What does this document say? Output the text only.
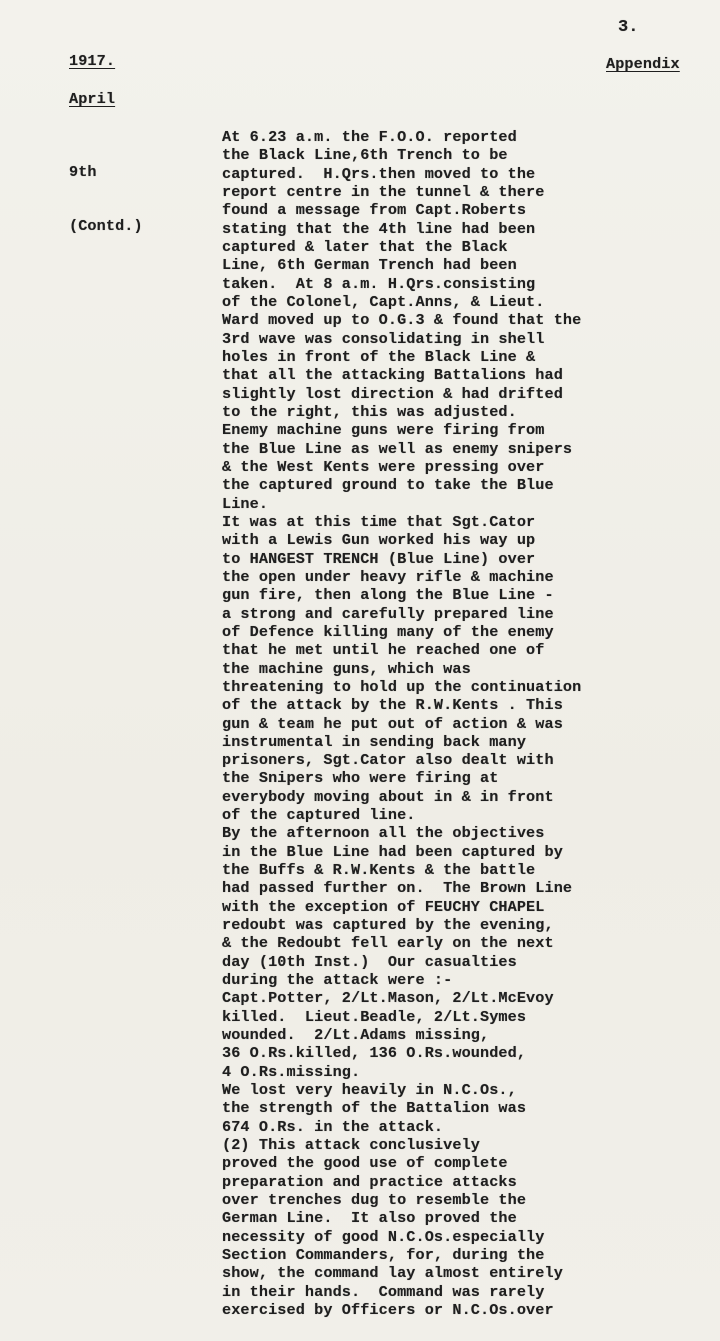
3.
1917.	Appendix
April

9th

(Contd.)

At 6.23 a.m. the F.O.O. reported
the Black Line,6th Trench to be
captured.  H.Qrs.then moved to the
report centre in the tunnel & there
found a message from Capt.Roberts
stating that the 4th line had been
captured & later that the Black
Line, 6th German Trench had been
taken.  At 8 a.m. H.Qrs.consisting
of the Colonel, Capt.Anns, & Lieut.
Ward moved up to O.G.3 & found that the
3rd wave was consolidating in shell
holes in front of the Black Line &
that all the attacking Battalions had
slightly lost direction & had drifted
to the right, this was adjusted.
Enemy machine guns were firing from
the Blue Line as well as enemy snipers
& the West Kents were pressing over
the captured ground to take the Blue
Line.
It was at this time that Sgt.Cator
with a Lewis Gun worked his way up
to HANGEST TRENCH (Blue Line) over
the open under heavy rifle & machine
gun fire, then along the Blue Line -
a strong and carefully prepared line
of Defence killing many of the enemy
that he met until he reached one of
the machine guns, which was
threatening to hold up the continuation
of the attack by the R.W.Kents . This
gun & team he put out of action & was
instrumental in sending back many
prisoners, Sgt.Cator also dealt with
the Snipers who were firing at
everybody moving about in & in front
of the captured line.
By the afternoon all the objectives
in the Blue Line had been captured by
the Buffs & R.W.Kents & the battle
had passed further on.  The Brown Line
with the exception of FEUCHY CHAPEL
redoubt was captured by the evening,
& the Redoubt fell early on the next
day (10th Inst.)  Our casualties
during the attack were :-
Capt.Potter, 2/Lt.Mason, 2/Lt.McEvoy
killed.  Lieut.Beadle, 2/Lt.Symes
wounded.  2/Lt.Adams missing,
36 O.Rs.killed, 136 O.Rs.wounded,
4 O.Rs.missing.
We lost very heavily in N.C.Os.,
the strength of the Battalion was
674 O.Rs. in the attack.
(2) This attack conclusively
proved the good use of complete
preparation and practice attacks
over trenches dug to resemble the
German Line.  It also proved the
necessity of good N.C.Os.especially
Section Commanders, for, during the
show, the command lay almost entirely
in their hands.  Command was rarely
exercised by Officers or N.C.Os.over
